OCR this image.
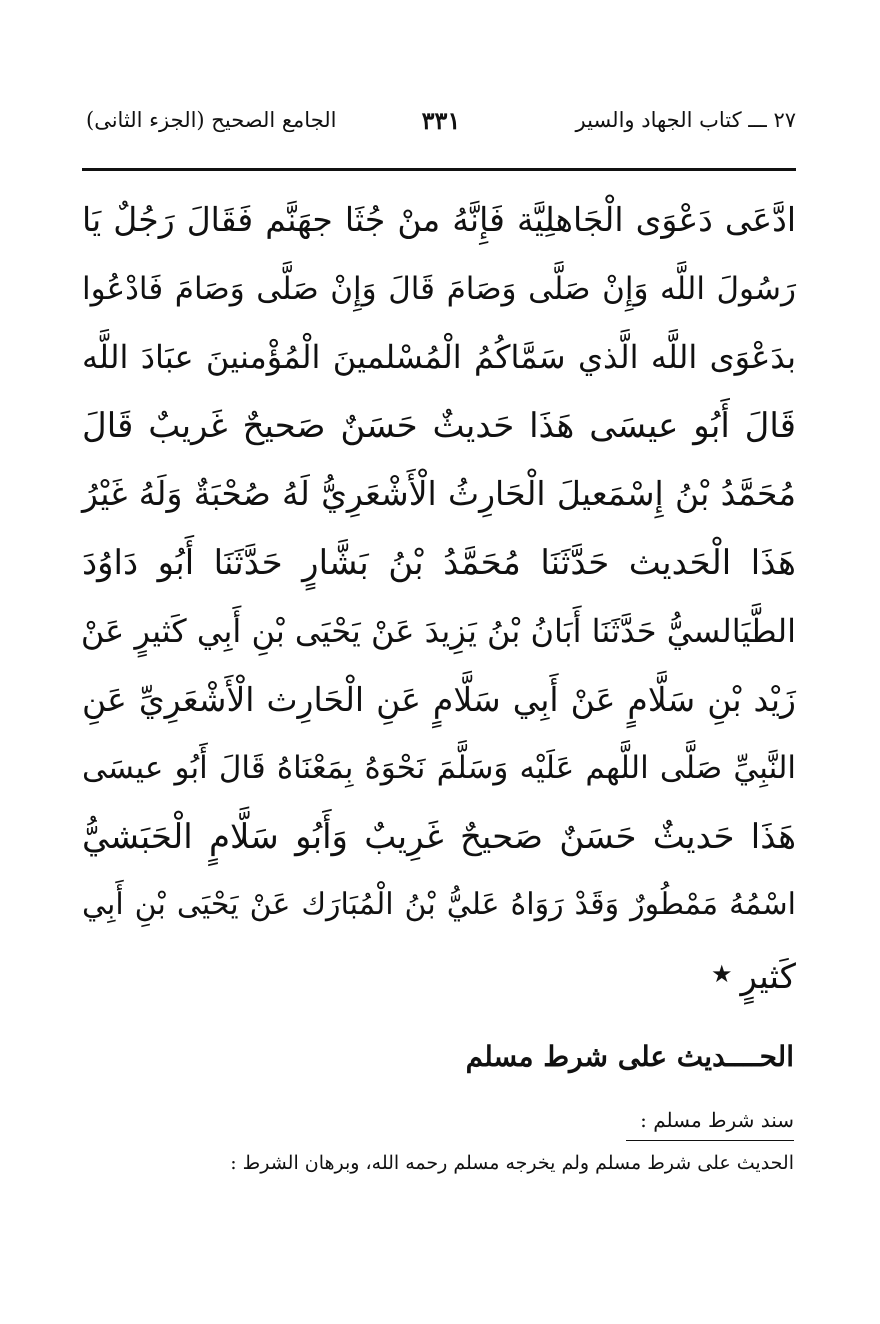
٢٧ ـــ كتاب الجهاد والسير
٣٣١
الجامع الصحيح (الجزء الثانى)
ادَّعَى دَعْوَى الْجَاهلِيَّة فَإِنَّهُ منْ جُثَا جهَنَّم فَقَالَ رَجُلٌ يَا
رَسُولَ اللَّه وَإِنْ صَلَّى وَصَامَ قَالَ وَإِنْ صَلَّى وَصَامَ فَادْعُوا
بدَعْوَى اللَّه الَّذي سَمَّاكُمُ الْمُسْلمينَ الْمُؤْمنينَ عبَادَ اللَّه
قَالَ أَبُو عيسَى هَذَا حَديثٌ حَسَنٌ صَحيحٌ غَريبٌ قَالَ
مُحَمَّدُ بْنُ إِسْمَعيلَ الْحَارِثُ الْأَشْعَرِيُّ لَهُ صُحْبَةٌ وَلَهُ غَيْرُ
هَذَا الْحَديث حَدَّثَنَا مُحَمَّدُ بْنُ بَشَّارٍ حَدَّثَنَا أَبُو دَاوُدَ
الطَّيَالسيُّ حَدَّثَنَا أَبَانُ بْنُ يَزِيدَ عَنْ يَحْيَى بْنِ أَبِي كَثيرٍ عَنْ
زَيْد بْنِ سَلَّامٍ عَنْ أَبِي سَلَّامٍ عَنِ الْحَارِث الْأَشْعَرِيِّ عَنِ
النَّبِيِّ صَلَّى اللَّهم عَلَيْه وَسَلَّمَ نَحْوَهُ بِمَعْنَاهُ قَالَ أَبُو عيسَى
هَذَا حَديثٌ حَسَنٌ صَحيحٌ غَرِيبٌ وَأَبُو سَلَّامٍ الْحَبَشيُّ
اسْمُهُ مَمْطُورٌ وَقَدْ رَوَاهُ عَليُّ بْنُ الْمُبَارَك عَنْ يَحْيَى بْنِ أَبِي
كَثيرٍ★
الحــــديث على شرط مسلم
سند شرط مسلم :
الحديث على شرط مسلم ولم يخرجه مسلم رحمه الله، وبرهان الشرط :
